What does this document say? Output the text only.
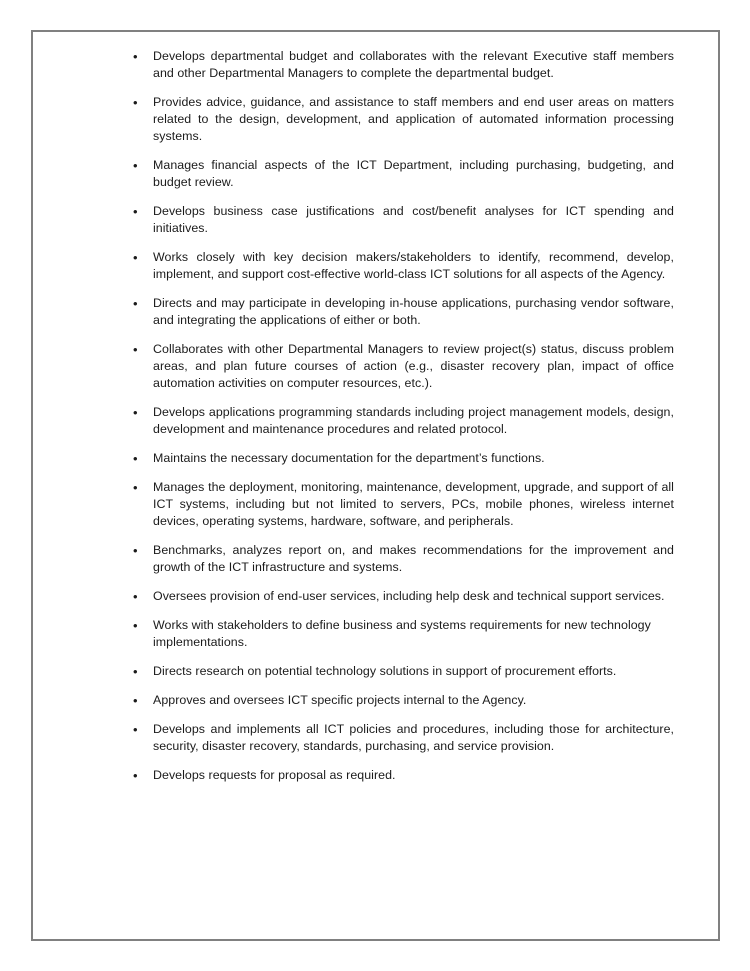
•	Develops departmental budget and collaborates with the relevant Executive staff members and other Departmental Managers to complete the departmental budget.
•	Provides advice, guidance, and assistance to staff members and end user areas on matters related to the design, development, and application of automated information processing systems.
•	Manages financial aspects of the ICT Department, including purchasing, budgeting, and budget review.
•	Develops business case justifications and cost/benefit analyses for ICT spending and initiatives.
•	Works closely with key decision makers/stakeholders to identify, recommend, develop, implement, and support cost-effective world-class ICT solutions for all aspects of the Agency.
•	Directs and may participate in developing in-house applications, purchasing vendor software, and integrating the applications of either or both.
•	Collaborates with other Departmental Managers to review project(s) status, discuss problem areas, and plan future courses of action (e.g., disaster recovery plan, impact of office automation activities on computer resources, etc.).
•	Develops applications programming standards including project management models, design, development and maintenance procedures and related protocol.
•	Maintains the necessary documentation for the department’s functions.
•	Manages the deployment, monitoring, maintenance, development, upgrade, and support of all ICT systems, including but not limited to servers, PCs, mobile phones, wireless internet devices, operating systems, hardware, software, and peripherals.
•	Benchmarks, analyzes report on, and makes recommendations for the improvement and growth of the ICT infrastructure and systems.
•	Oversees provision of end-user services, including help desk and technical support services.
•	Works with stakeholders to define business and systems requirements for new technology implementations.
•	Directs research on potential technology solutions in support of procurement efforts.
•	Approves and oversees ICT specific projects internal to the Agency.
•	Develops and implements all ICT policies and procedures, including those for architecture, security, disaster recovery, standards, purchasing, and service provision.
•	Develops requests for proposal as required.
